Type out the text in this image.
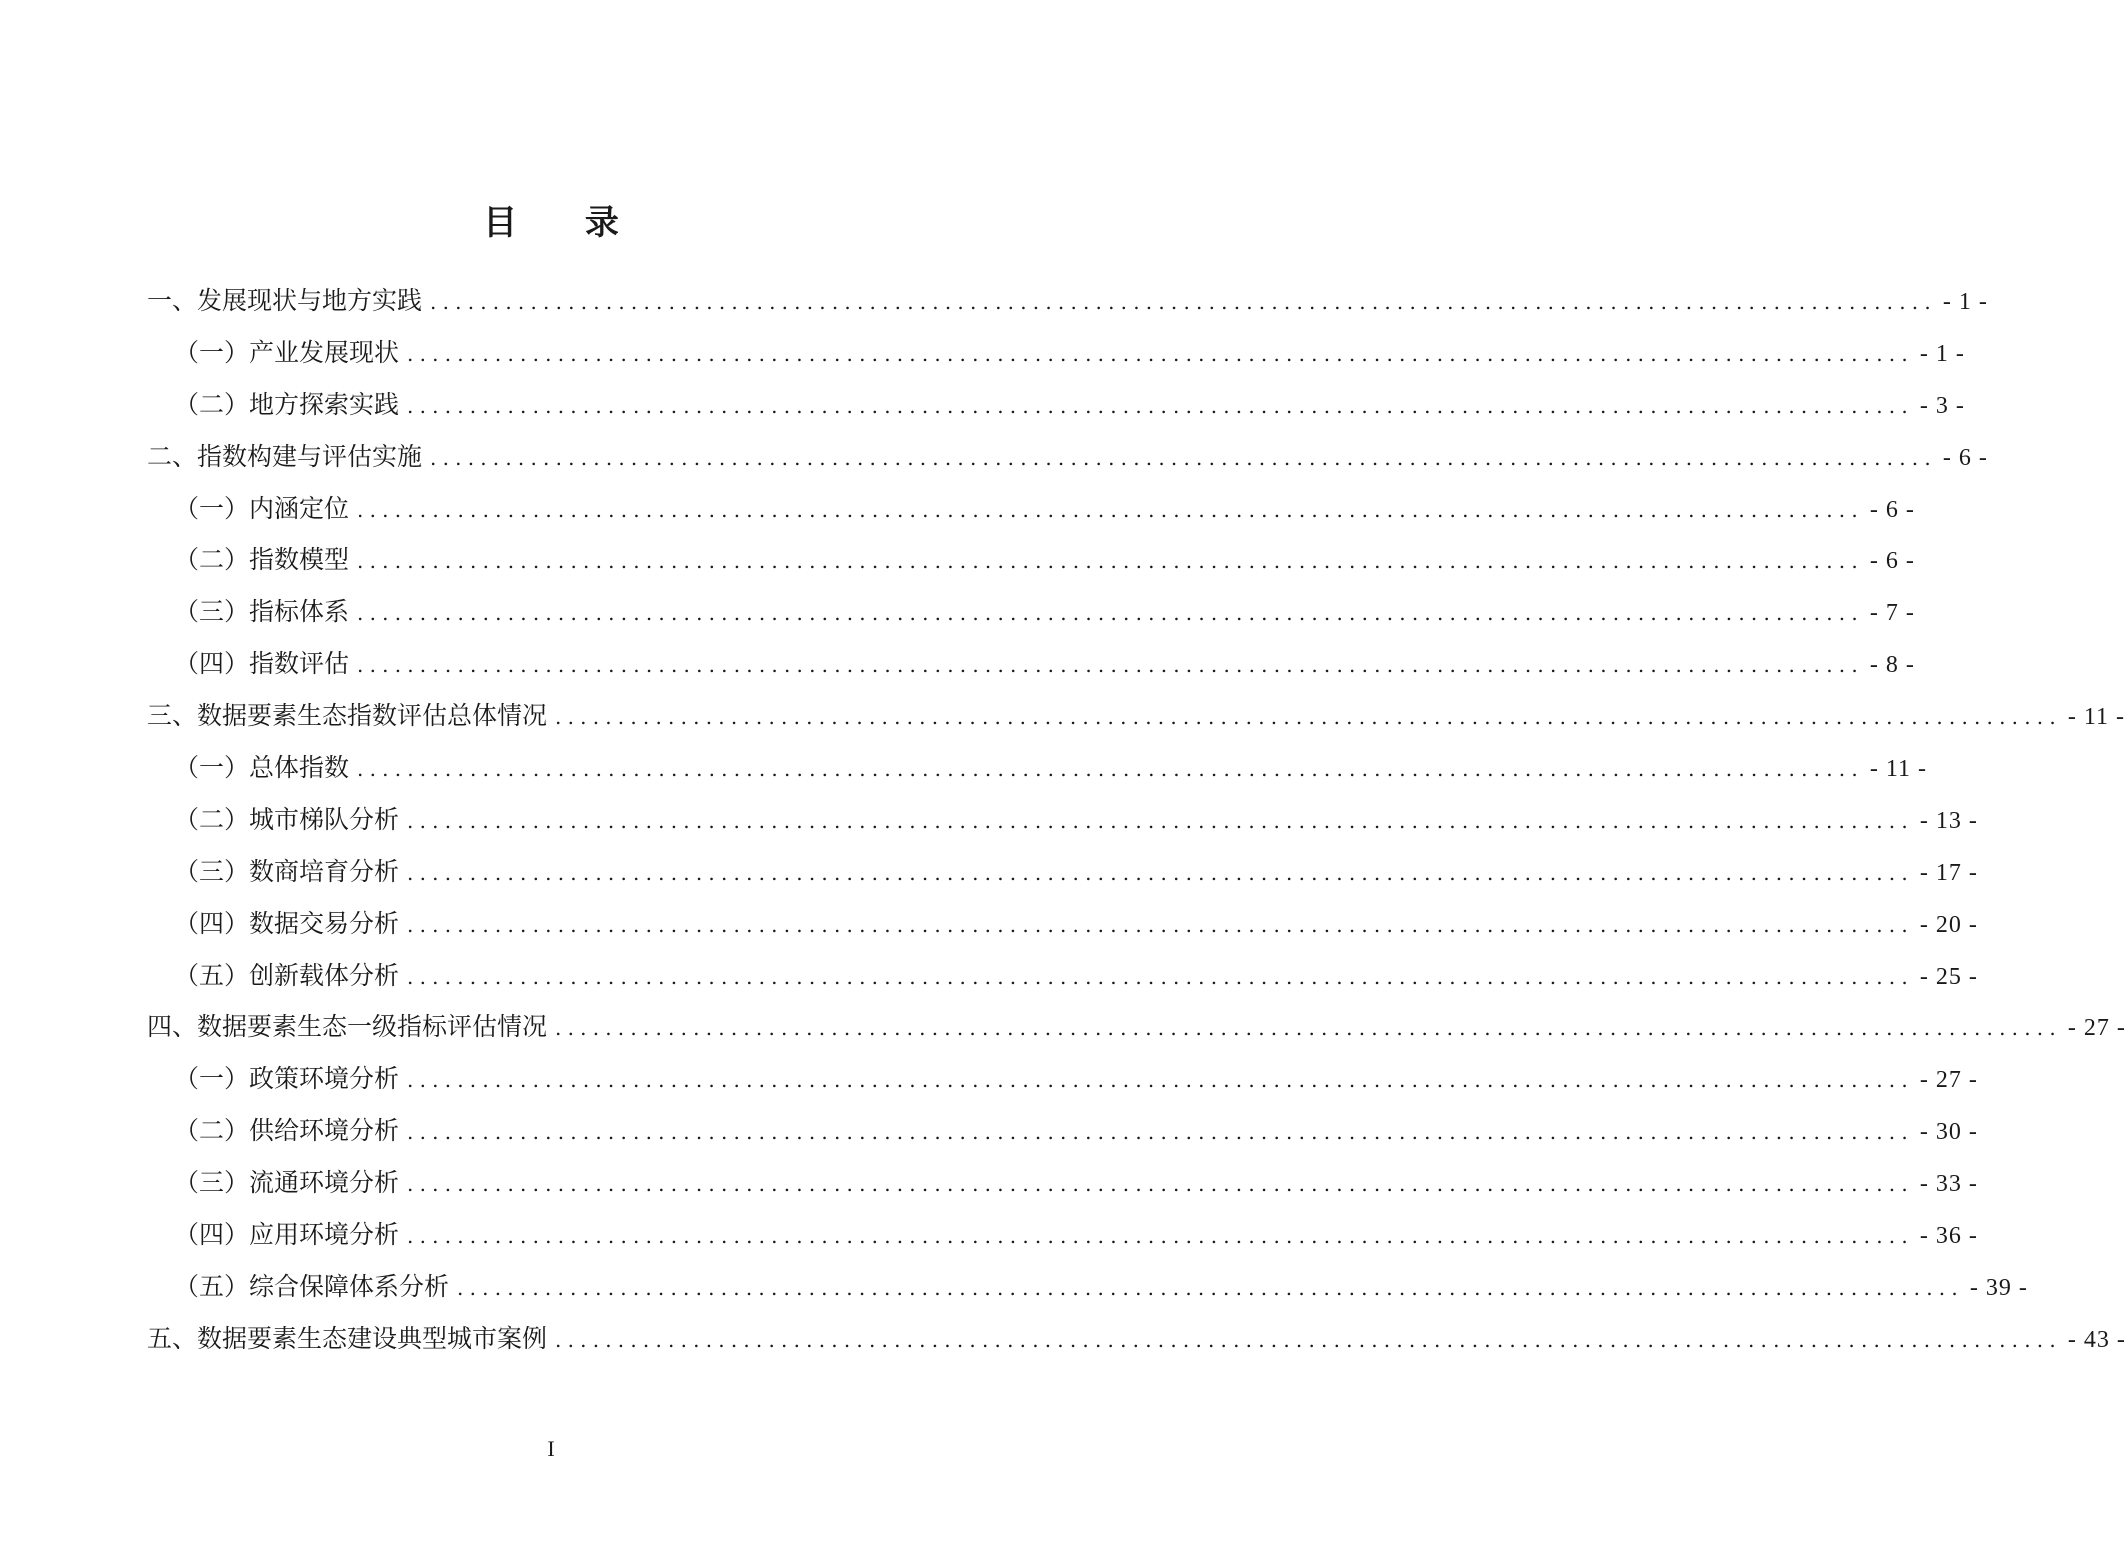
目 录
一、发展现状与地方实践 ........................................................................................................................ - 1 -
（一）产业发展现状 ........................................................................................................................ - 1 -
（二）地方探索实践 ........................................................................................................................ - 3 -
二、指数构建与评估实施 ........................................................................................................................ - 6 -
（一）内涵定位 ........................................................................................................................ - 6 -
（二）指数模型 ........................................................................................................................ - 6 -
（三）指标体系 ........................................................................................................................ - 7 -
（四）指数评估 ........................................................................................................................ - 8 -
三、数据要素生态指数评估总体情况 ........................................................................................................................ - 11 -
（一）总体指数 ........................................................................................................................ - 11 -
（二）城市梯队分析 ........................................................................................................................ - 13 -
（三）数商培育分析 ........................................................................................................................ - 17 -
（四）数据交易分析 ........................................................................................................................ - 20 -
（五）创新载体分析 ........................................................................................................................ - 25 -
四、数据要素生态一级指标评估情况 ........................................................................................................................ - 27 -
（一）政策环境分析 ........................................................................................................................ - 27 -
（二）供给环境分析 ........................................................................................................................ - 30 -
（三）流通环境分析 ........................................................................................................................ - 33 -
（四）应用环境分析 ........................................................................................................................ - 36 -
（五）综合保障体系分析 ........................................................................................................................ - 39 -
五、数据要素生态建设典型城市案例 ........................................................................................................................ - 43 -
I
